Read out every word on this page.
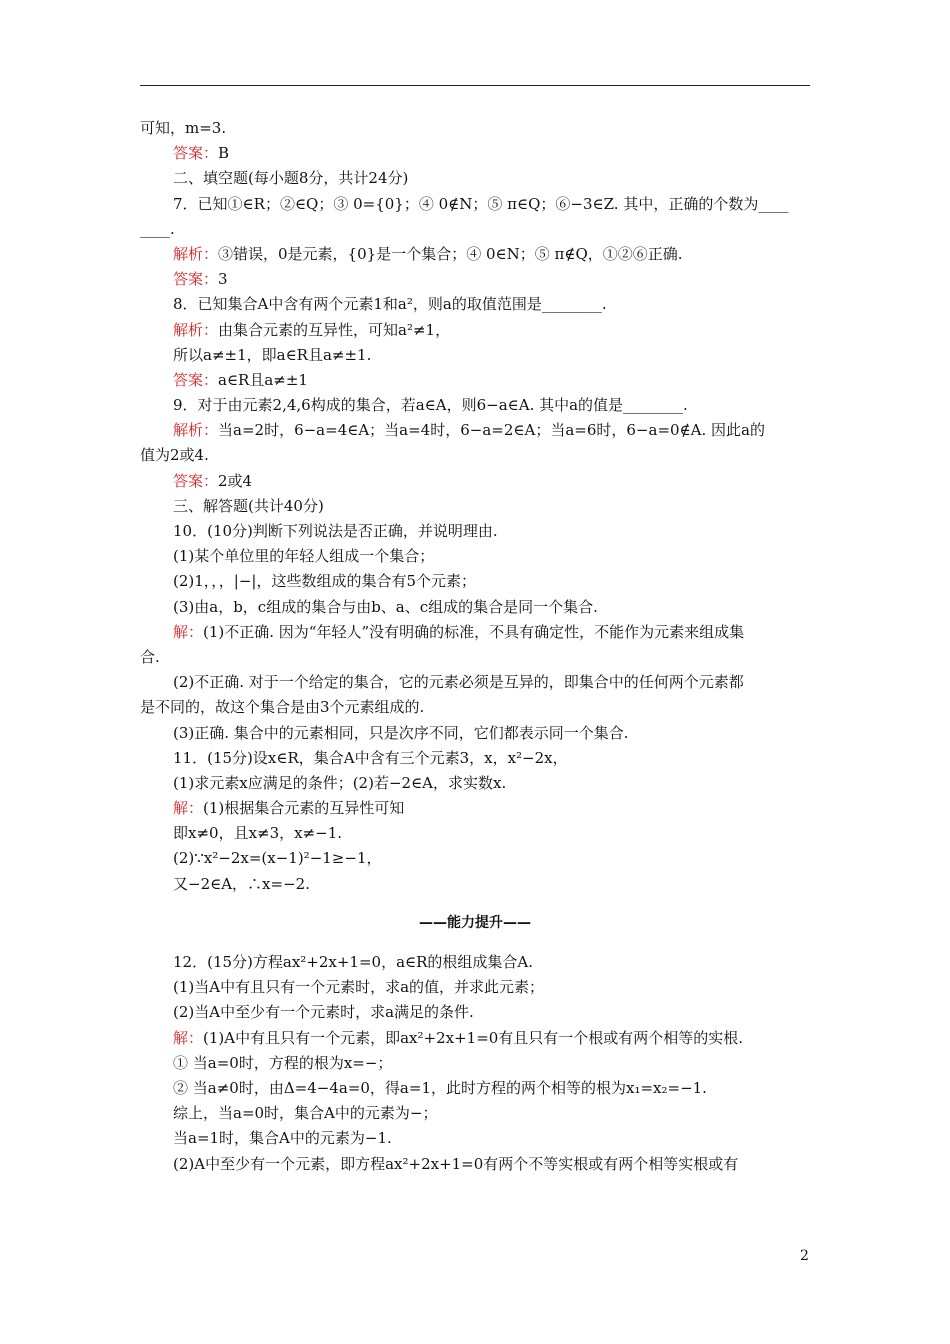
可知，m=3.
答案：B
二、填空题(每小题8分，共计24分)
7．已知①∈R；②∈Q；③ 0={0}；④ 0∉N；⑤ π∈Q；⑥−3∈Z. 其中，正确的个数为____
____.
解析：③错误，0是元素，{0}是一个集合；④ 0∈N；⑤ π∉Q，①②⑥正确.
答案：3
8．已知集合A中含有两个元素1和a²，则a的取值范围是________.
解析：由集合元素的互异性，可知a²≠1，
所以a≠±1，即a∈R且a≠±1.
答案：a∈R且a≠±1
9．对于由元素2,4,6构成的集合，若a∈A，则6−a∈A. 其中a的值是________.
解析：当a=2时，6−a=4∈A；当a=4时，6−a=2∈A；当a=6时，6−a=0∉A. 因此a的
值为2或4.
答案：2或4
三、解答题(共计40分)
10．(10分)判断下列说法是否正确，并说明理由.
(1)某个单位里的年轻人组成一个集合；
(2)1，，，|−|，这些数组成的集合有5个元素；
(3)由a，b，c组成的集合与由b、a、c组成的集合是同一个集合.
解：(1)不正确. 因为“年轻人”没有明确的标准，不具有确定性，不能作为元素来组成集
合.
(2)不正确. 对于一个给定的集合，它的元素必须是互异的，即集合中的任何两个元素都
是不同的，故这个集合是由3个元素组成的.
(3)正确. 集合中的元素相同，只是次序不同，它们都表示同一个集合.
11．(15分)设x∈R，集合A中含有三个元素3，x，x²−2x，
(1)求元素x应满足的条件；(2)若−2∈A，求实数x.
解：(1)根据集合元素的互异性可知
即x≠0，且x≠3，x≠−1.
(2)∵x²−2x=(x−1)²−1≥−1，
又−2∈A，∴x=−2.
——能力提升——
12．(15分)方程ax²+2x+1=0，a∈R的根组成集合A.
(1)当A中有且只有一个元素时，求a的值，并求此元素；
(2)当A中至少有一个元素时，求a满足的条件.
解：(1)A中有且只有一个元素，即ax²+2x+1=0有且只有一个根或有两个相等的实根.
① 当a=0时，方程的根为x=−；
② 当a≠0时，由Δ=4−4a=0，得a=1，此时方程的两个相等的根为x₁=x₂=−1.
综上，当a=0时，集合A中的元素为−；
当a=1时，集合A中的元素为−1.
(2)A中至少有一个元素，即方程ax²+2x+1=0有两个不等实根或有两个相等实根或有
2
